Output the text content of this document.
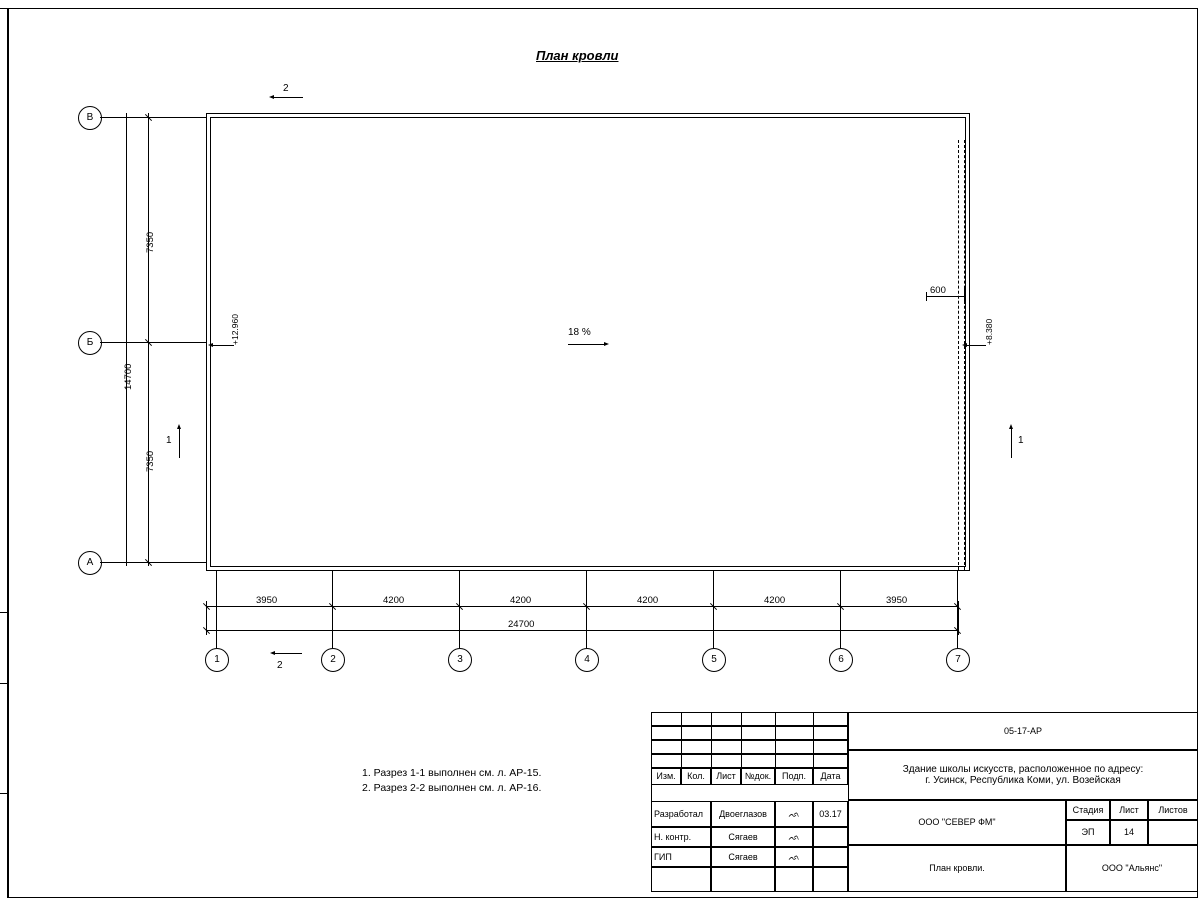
План кровли
В
Б
А
7350
7350
14700
1	2	3	4	5	6	7
3950	4200	4200	4200	4200	3950
24700
600
+12.960	+8.380
18 %
2
1	1
2
1. Разрез 1-1 выполнен см. л. АР-15.
2. Разрез 2-2 выполнен см. л. АР-16.
Изм.	Кол.	Лист	№док.	Подп.	Дата
Разработал	Двоеглазов	ᨒ	03.17
Н. контр.	Сягаев	ᨒ
ГИП	Сягаев	ᨒ
05-17-АР
Здание школы искусств, расположенное по адресу:
г. Усинск, Республика Коми, ул. Возейская
ООО "СЕВЕР ФМ"
План кровли.
Стадия	Лист	Листов
ЭП	14
ООО "Альянс"
